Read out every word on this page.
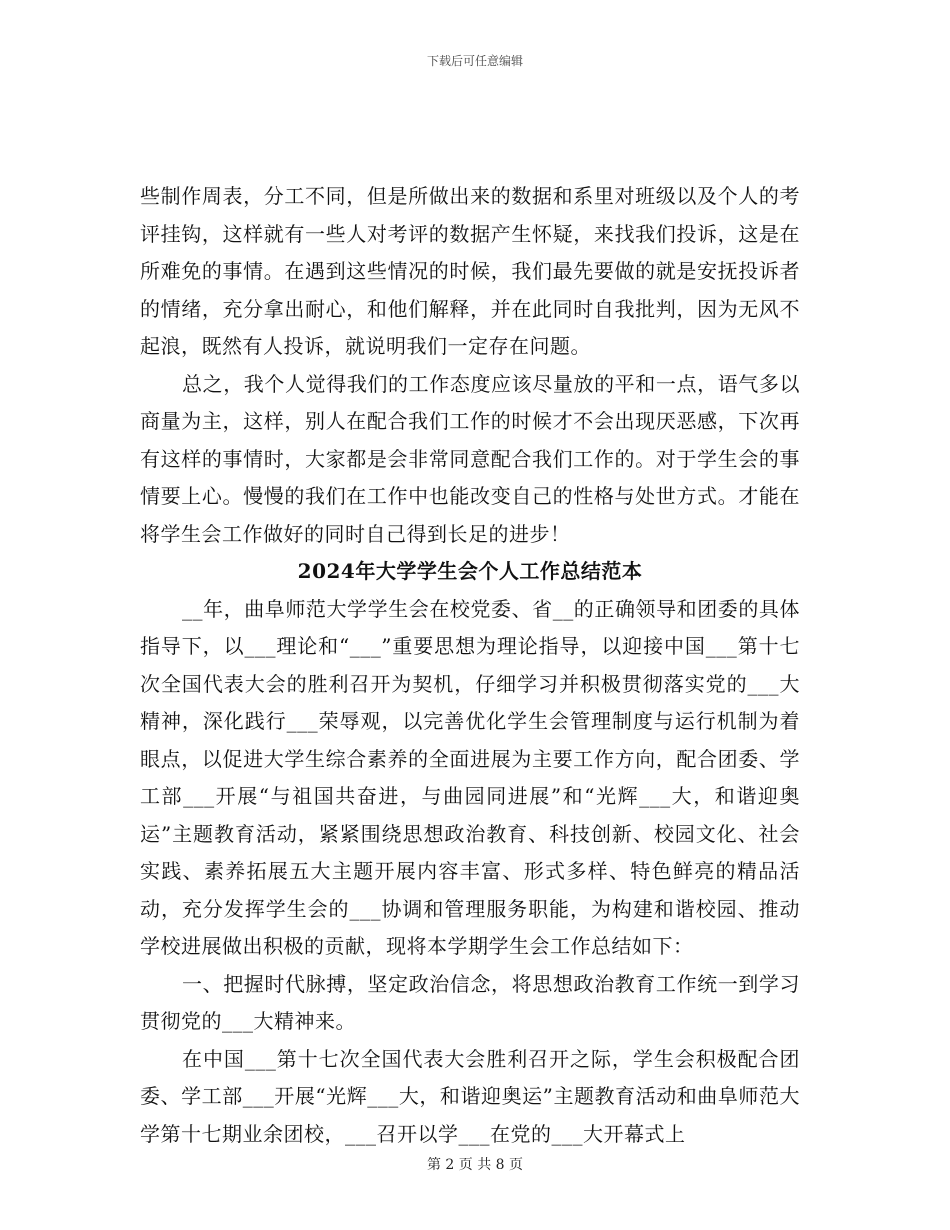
下载后可任意编辑

些制作周表，分工不同，但是所做出来的数据和系里对班级以及个人的考评挂钩，这样就有一些人对考评的数据产生怀疑，来找我们投诉，这是在所难免的事情。在遇到这些情况的时候，我们最先要做的就是安抚投诉者的情绪，充分拿出耐心，和他们解释，并在此同时自我批判，因为无风不起浪，既然有人投诉，就说明我们一定存在问题。

总之，我个人觉得我们的工作态度应该尽量放的平和一点，语气多以商量为主，这样，别人在配合我们工作的时候才不会出现厌恶感，下次再有这样的事情时，大家都是会非常同意配合我们工作的。对于学生会的事情要上心。慢慢的我们在工作中也能改变自己的性格与处世方式。才能在将学生会工作做好的同时自己得到长足的进步！

2024年大学学生会个人工作总结范本

__年，曲阜师范大学学生会在校党委、省__的正确领导和团委的具体指导下，以___理论和“___”重要思想为理论指导，以迎接中国___第十七次全国代表大会的胜利召开为契机，仔细学习并积极贯彻落实党的___大精神，深化践行___荣辱观，以完善优化学生会管理制度与运行机制为着眼点，以促进大学生综合素养的全面进展为主要工作方向，配合团委、学工部___开展“与祖国共奋进，与曲园同进展”和“光辉___大，和谐迎奥运”主题教育活动，紧紧围绕思想政治教育、科技创新、校园文化、社会实践、素养拓展五大主题开展内容丰富、形式多样、特色鲜亮的精品活动，充分发挥学生会的___协调和管理服务职能，为构建和谐校园、推动学校进展做出积极的贡献，现将本学期学生会工作总结如下：

一、把握时代脉搏，坚定政治信念，将思想政治教育工作统一到学习贯彻党的___大精神来。

在中国___第十七次全国代表大会胜利召开之际，学生会积极配合团委、学工部___开展“光辉___大，和谐迎奥运”主题教育活动和曲阜师范大学第十七期业余团校，___召开以学___在党的___大开幕式上

第 2 页 共 8 页
